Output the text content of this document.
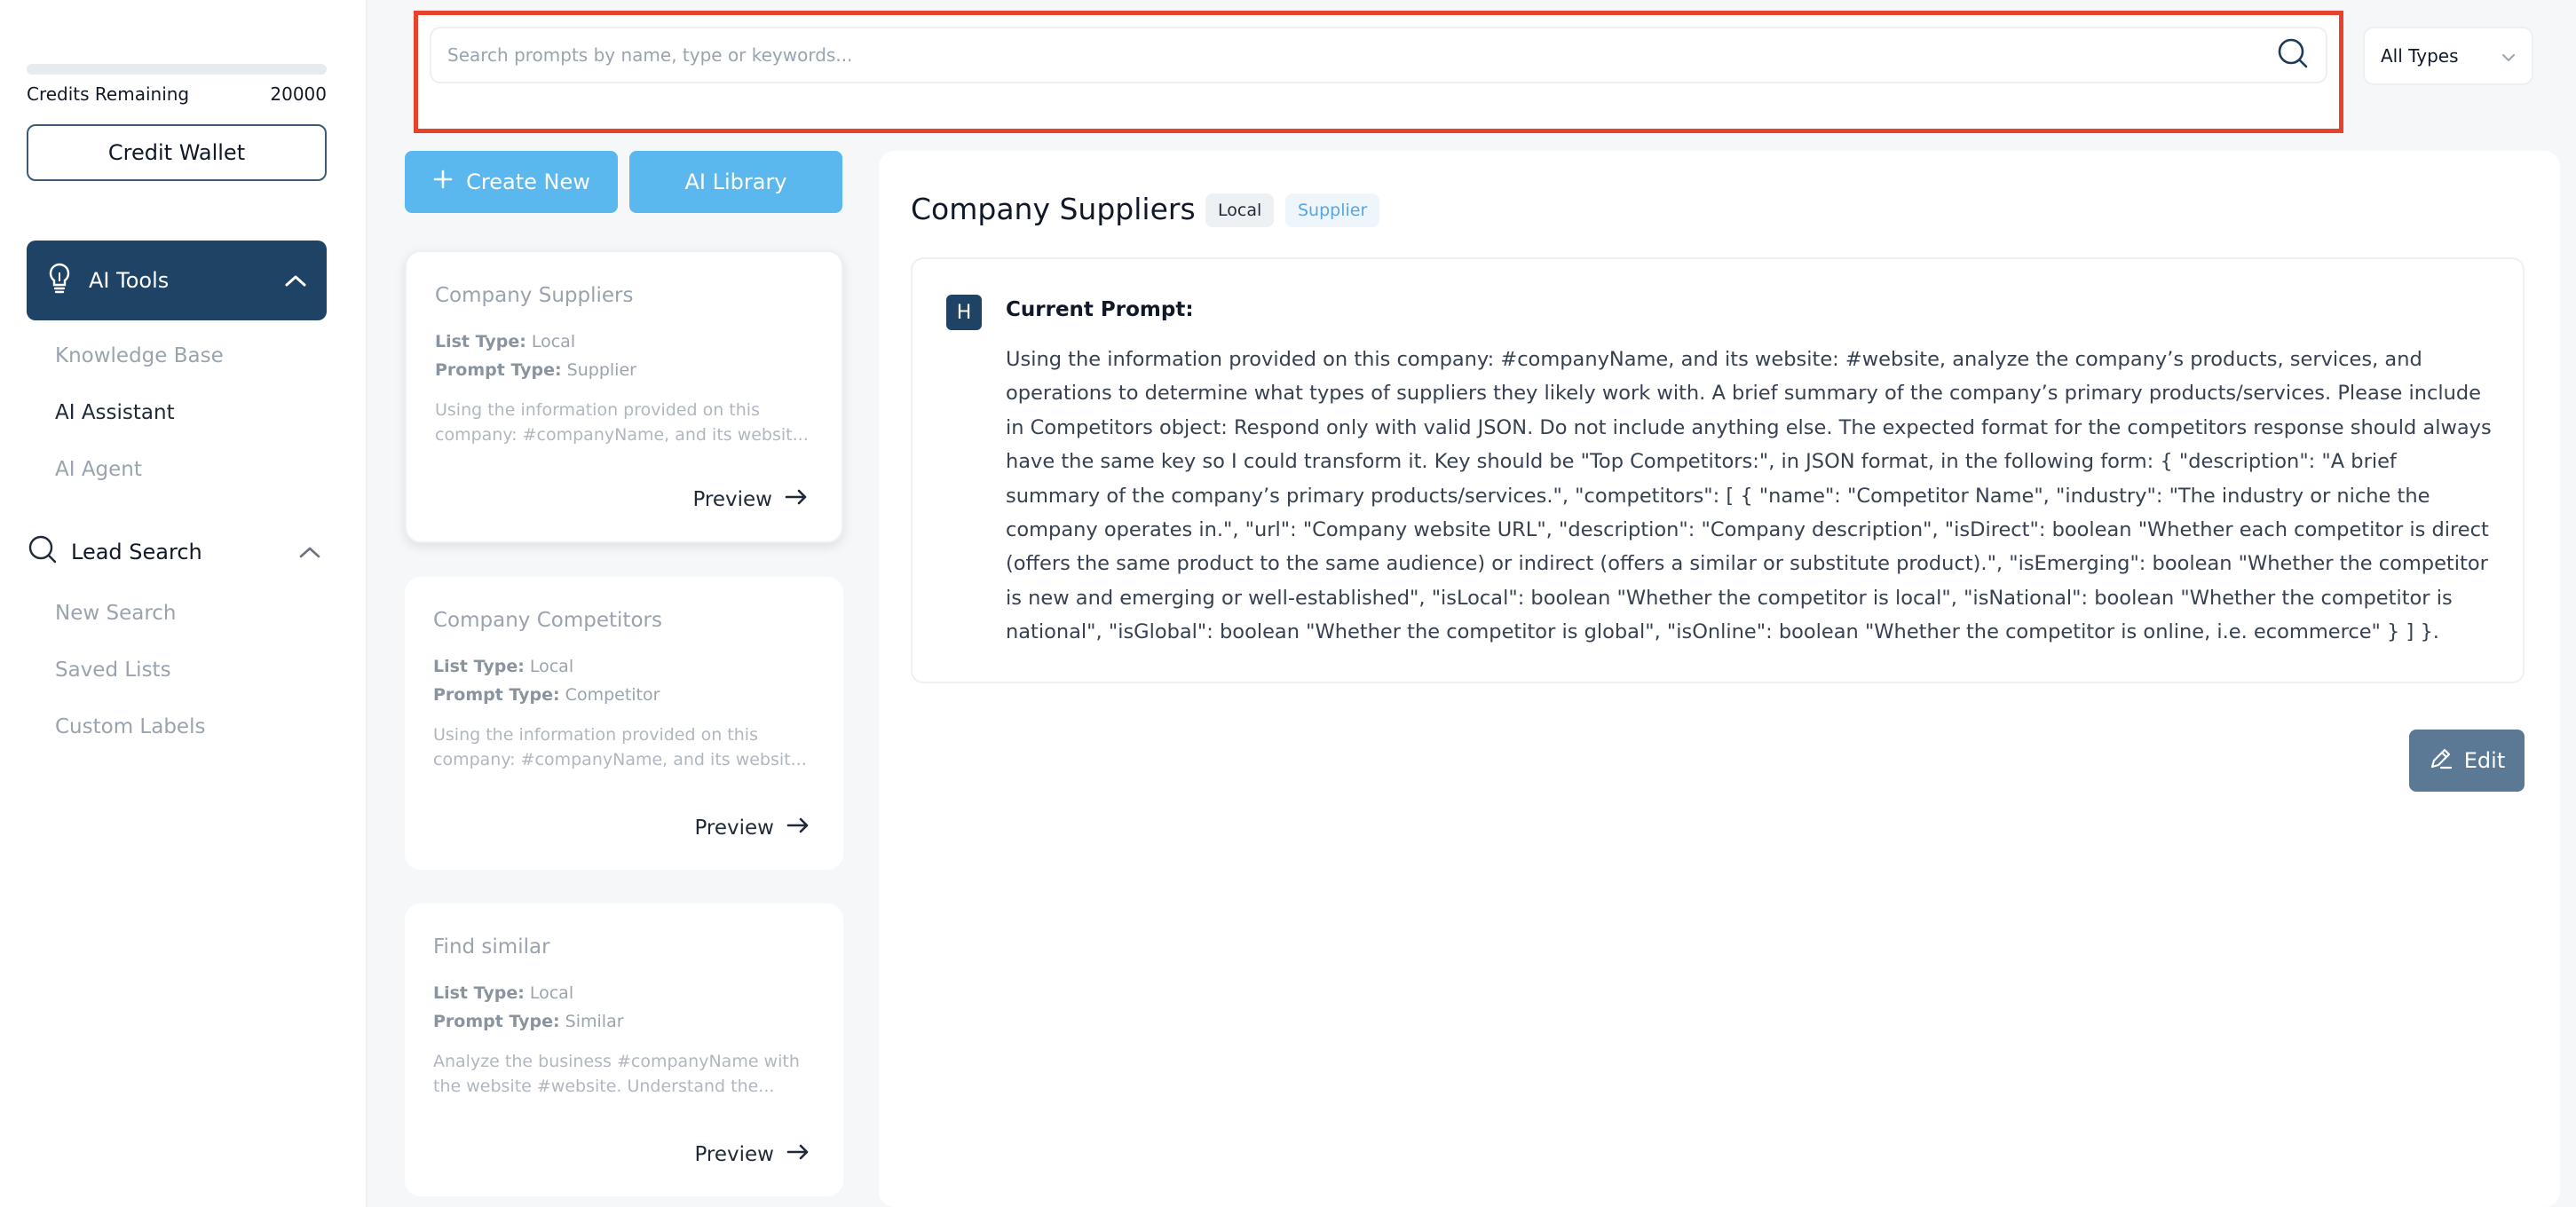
Credits Remaining	20000
Credit Wallet
AI Tools
Knowledge Base
AI Assistant
AI Agent
Lead Search
New Search
Saved Lists
Custom Labels
Search prompts by name, type or keywords...
All Types
Create New	AI Library
Company Suppliers
List Type: Local
Prompt Type: Supplier
Using the information provided on this company: #companyName, and its websit...
Preview
Company Competitors
List Type: Local
Prompt Type: Competitor
Using the information provided on this company: #companyName, and its websit...
Preview
Find similar
List Type: Local
Prompt Type: Similar
Analyze the business #companyName with the website #website. Understand the...
Preview
Company Suppliers	Local	Supplier
H	Current Prompt:
Using the information provided on this company: #companyName, and its website: #website, analyze the company’s products, services, and operations to determine what types of suppliers they likely work with. A brief summary of the company’s primary products/services. Please include in Competitors object: Respond only with valid JSON. Do not include anything else. The expected format for the competitors response should always have the same key so I could transform it. Key should be "Top Competitors:", in JSON format, in the following form: { "description": "A brief summary of the company’s primary products/services.", "competitors": [ { "name": "Competitor Name", "industry": "The industry or niche the company operates in.", "url": "Company website URL", "description": "Company description", "isDirect": boolean "Whether each competitor is direct (offers the same product to the same audience) or indirect (offers a similar or substitute product).", "isEmerging": boolean "Whether the competitor is new and emerging or well-established", "isLocal": boolean "Whether the competitor is local", "isNational": boolean "Whether the competitor is national", "isGlobal": boolean "Whether the competitor is global", "isOnline": boolean "Whether the competitor is online, i.e. ecommerce" } ] }.
Edit
